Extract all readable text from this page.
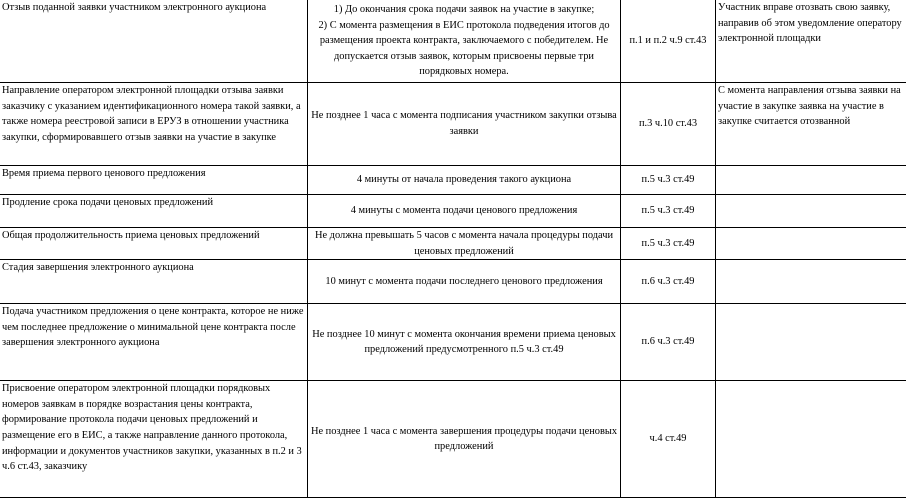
Отзыв поданной заявки участником электронного аукциона	1) До окончания срока подачи заявок на участие в закупке;
2) С момента размещения в ЕИС протокола подведения итогов до размещения проекта контракта, заключаемого с победителем. Не допускается отзыв заявок, которым присвоены первые три порядковых номера.	п.1 и п.2 ч.9 ст.43	Участник вправе отозвать свою заявку, направив об этом уведомление оператору электронной площадки
Направление оператором электронной площадки отзыва заявки заказчику с указанием идентификационного номера такой заявки, а также номера реестровой записи в ЕРУЗ в отношении участника закупки, сформировавшего отзыв заявки на участие в закупке	Не позднее 1 часа с момента подписания участником закупки отзыва заявки	п.3 ч.10 ст.43	С момента направления отзыва заявки на участие в закупке заявка на участие в закупке считается отозванной
Время приема первого ценового предложения	4 минуты от начала проведения такого аукциона	п.5 ч.3 ст.49	
Продление срока подачи ценовых предложений	4 минуты с момента подачи ценового предложения	п.5 ч.3 ст.49	
Общая продолжительность приема ценовых предложений	Не должна превышать 5 часов с момента начала процедуры подачи ценовых предложений	п.5 ч.3 ст.49	
Стадия завершения электронного аукциона	10 минут с момента подачи последнего ценового предложения	п.6 ч.3 ст.49	
Подача участником предложения о цене контракта, которое не ниже чем последнее предложение о минимальной цене контракта после завершения электронного аукциона	Не позднее 10 минут с момента окончания времени приема ценовых предложений предусмотренного п.5 ч.3 ст.49	п.6 ч.3 ст.49	
Присвоение оператором электронной площадки порядковых номеров заявкам в порядке возрастания цены контракта, формирование протокола подачи ценовых предложений и размещение его в ЕИС, а также направление данного протокола, информации и документов участников закупки, указанных в п.2 и 3 ч.6 ст.43, заказчику	Не позднее 1 часа с момента завершения процедуры подачи ценовых предложений	ч.4 ст.49	
